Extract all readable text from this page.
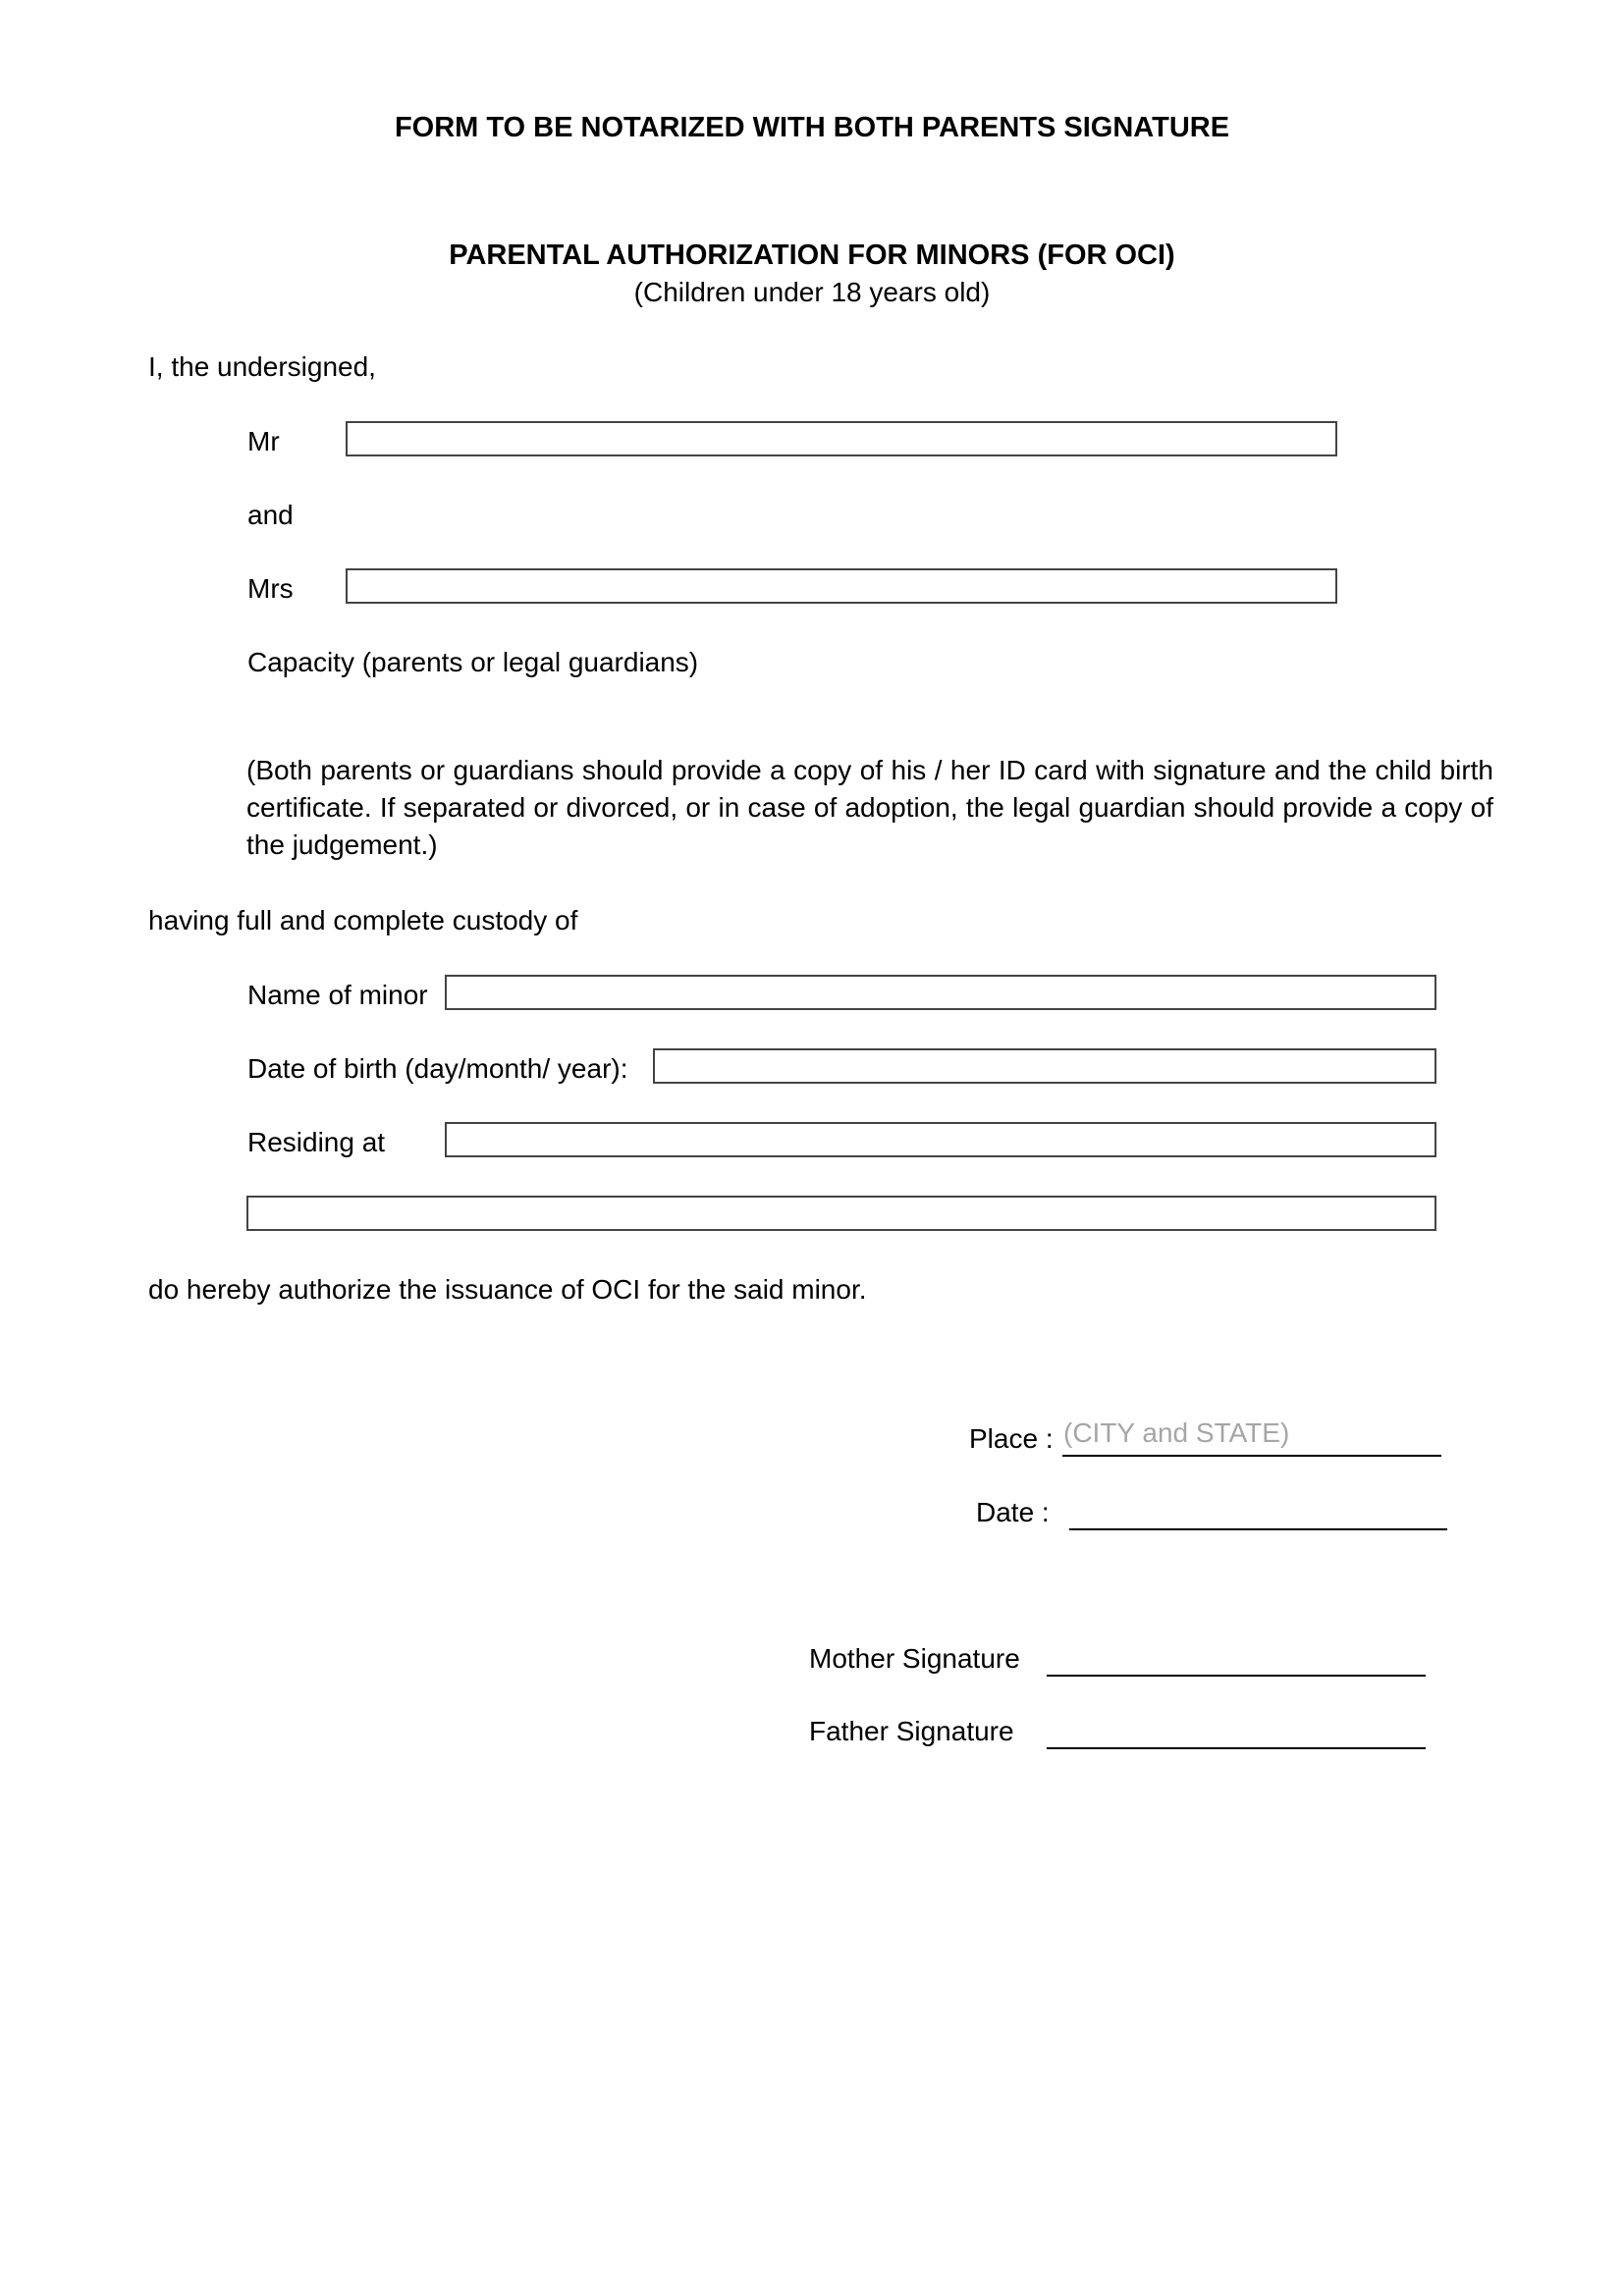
FORM TO BE NOTARIZED WITH BOTH PARENTS SIGNATURE
PARENTAL AUTHORIZATION FOR MINORS (FOR OCI)
(Children under 18 years old)
I, the undersigned,
Mr
and
Mrs
Capacity (parents or legal guardians)
(Both parents or guardians should provide a copy of his / her ID card with signature and the child birth certificate. If separated or divorced, or in case of adoption, the legal guardian should provide a copy of the judgement.)
having full and complete custody of
Name of minor
Date of birth (day/month/ year):
Residing at
do hereby authorize the issuance of OCI for the said minor.
Place : (CITY and STATE)
Date :
Mother Signature
Father Signature
